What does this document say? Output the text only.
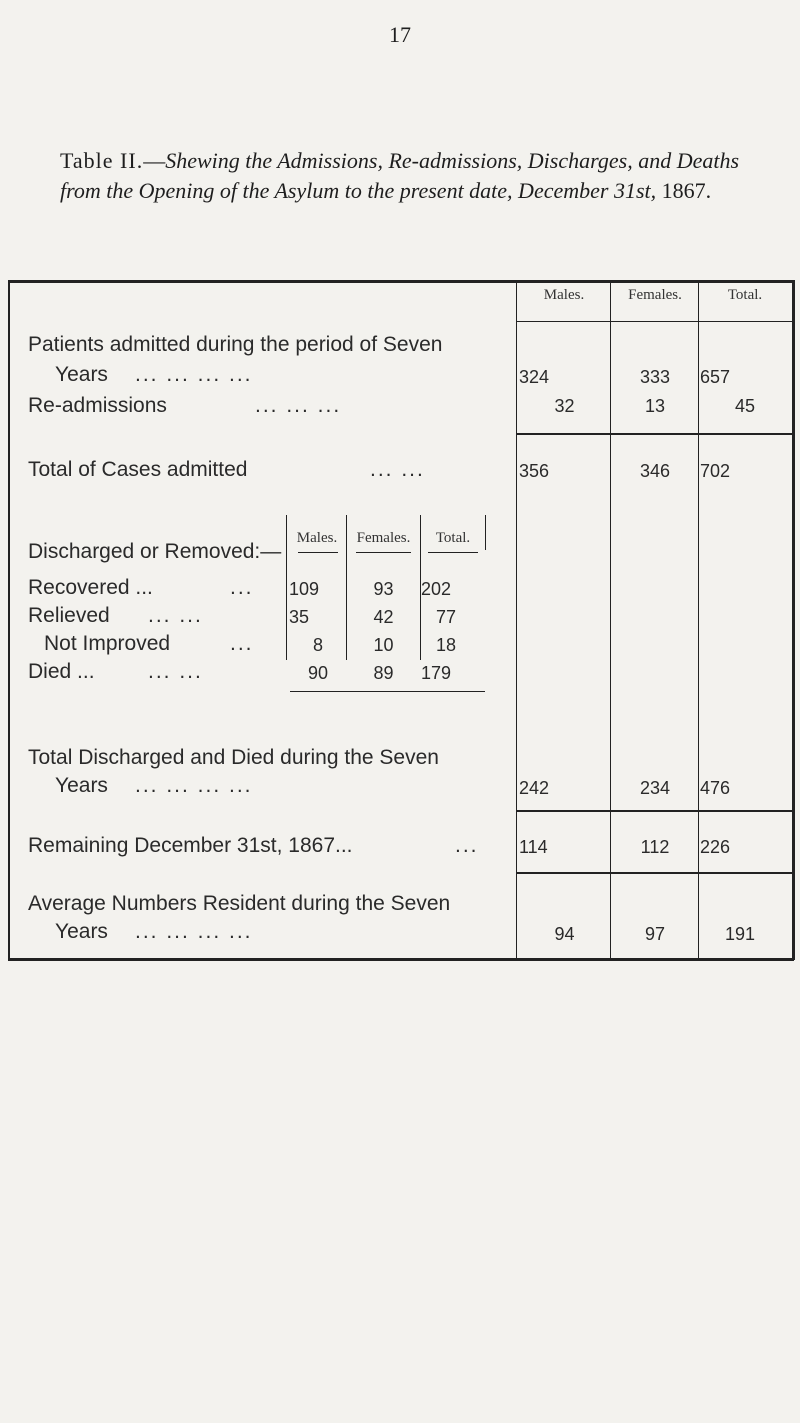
17
Table II.—Shewing the Admissions, Re-admissions, Discharges, and Deaths from the Opening of the Asylum to the present date, December 31st, 1867.
Males.	Females.	Total.
Patients admitted during the period of Seven
Years ... ... ... ...	324	333	657
Re-admissions	... ... ...	32	13	45
Total of Cases admitted	... ...	356	346	702
Discharged or Removed:—
Males.	Females.	Total.
Recovered ...	... 109	93	202
Relieved ... ...	35	42	77
Not Improved	...	8	10	18
Died ...	... ...	90	89	179
Total Discharged and Died during the Seven
Years ... ... ... ...	242	234	476
Remaining December 31st, 1867...	... 114	112	226
Average Numbers Resident during the Seven
Years ... ... ... ...	94	97	191
